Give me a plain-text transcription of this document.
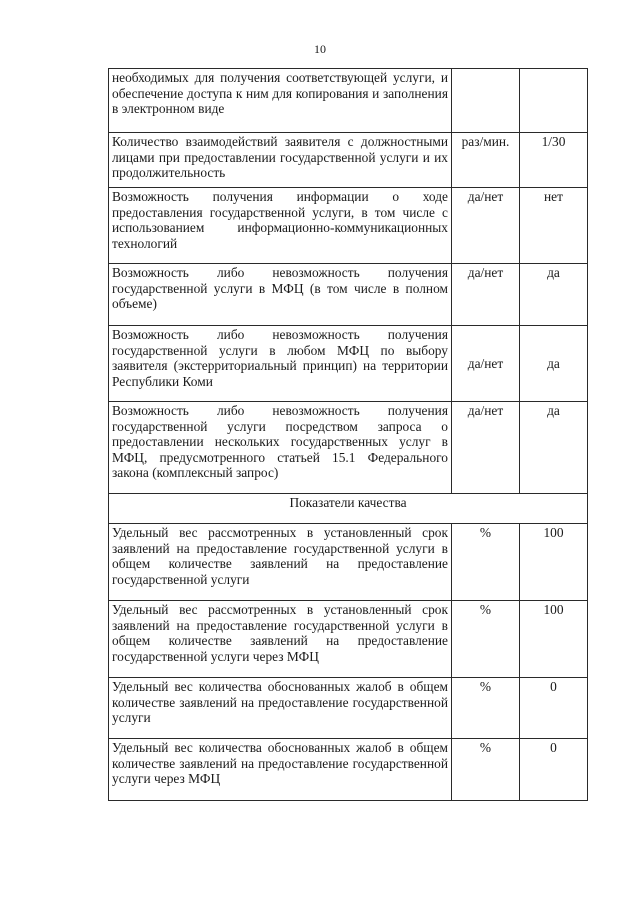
10
необходимых для получения соответствующей услуги, и обеспечение доступа к ним для копирования и заполнения в электронном виде		
Количество взаимодействий заявителя с должностными лицами при предоставлении государственной услуги и их продолжительность	раз/мин.	1/30
Возможность получения информации о ходе предоставления государственной услуги, в том числе с использованием информационно-коммуникационных технологий	да/нет	нет
Возможность либо невозможность получения государственной услуги в МФЦ (в том числе в полном объеме)	да/нет	да
Возможность либо невозможность получения государственной услуги в любом МФЦ по выбору заявителя (экстерриториальный принцип) на территории Республики Коми	да/нет	да
Возможность либо невозможность получения государственной услуги посредством запроса о предоставлении нескольких государственных услуг в МФЦ, предусмотренного статьей 15.1 Федерального закона (комплексный запрос)	да/нет	да
Показатели качества		
Удельный вес рассмотренных в установленный срок заявлений на предоставление государственной услуги в общем количестве заявлений на предоставление государственной услуги	%	100
Удельный вес рассмотренных в установленный срок заявлений на предоставление государственной услуги в общем количестве заявлений на предоставление государственной услуги через МФЦ	%	100
Удельный вес количества обоснованных жалоб в общем количестве заявлений на предоставление государственной услуги	%	0
Удельный вес количества обоснованных жалоб в общем количестве заявлений на предоставление государственной услуги через МФЦ	%	0
